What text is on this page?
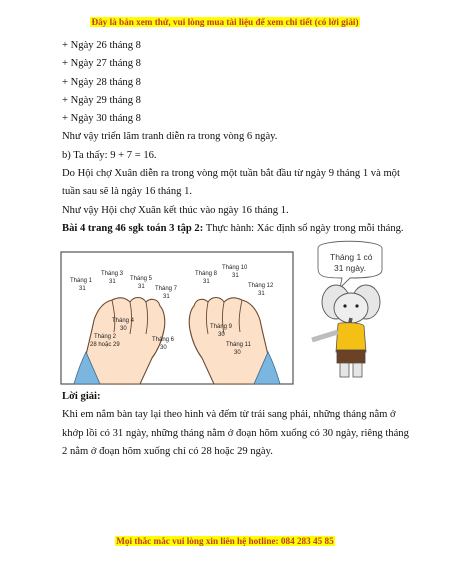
Đây là bản xem thử, vui lòng mua tài liệu để xem chi tiết (có lời giải)

+ Ngày 26 tháng 8

+ Ngày 27 tháng 8

+ Ngày 28 tháng 8

+ Ngày 29 tháng 8

+ Ngày 30 tháng 8

Như vậy triển lãm tranh diễn ra trong vòng 6 ngày.

b) Ta thấy: 9 + 7 = 16.

Do Hội chợ Xuân diễn ra trong vòng một tuần bắt đầu từ ngày 9 tháng 1 và một tuần sau sẽ là ngày 16 tháng 1.

Như vậy Hội chợ Xuân kết thúc vào ngày 16 tháng 1.

Bài 4 trang 46 sgk toán 3 tập 2: Thực hành: Xác định số ngày trong mỗi tháng.

Tháng 1
31
Tháng 3
31 Tháng 5
31 Tháng 7
31
Tháng 4
30
Tháng 2
28 hoặc 29
Tháng 6
30
Tháng 8
31
Tháng 10
31
Tháng 12
31
Tháng 9
30
Tháng 11
30
Tháng 1 có
31 ngày.

Lời giải:

Khi em nắm bàn tay lại theo hình và đếm từ trái sang phải, những tháng nằm ở khớp lồi có 31 ngày, những tháng nằm ở đoạn hõm xuống có 30 ngày, riêng tháng 2 nằm ở đoạn hõm xuống chỉ có 28 hoặc 29 ngày.

Mọi thắc mắc vui lòng xin liên hệ hotline: 084 283 45 85
